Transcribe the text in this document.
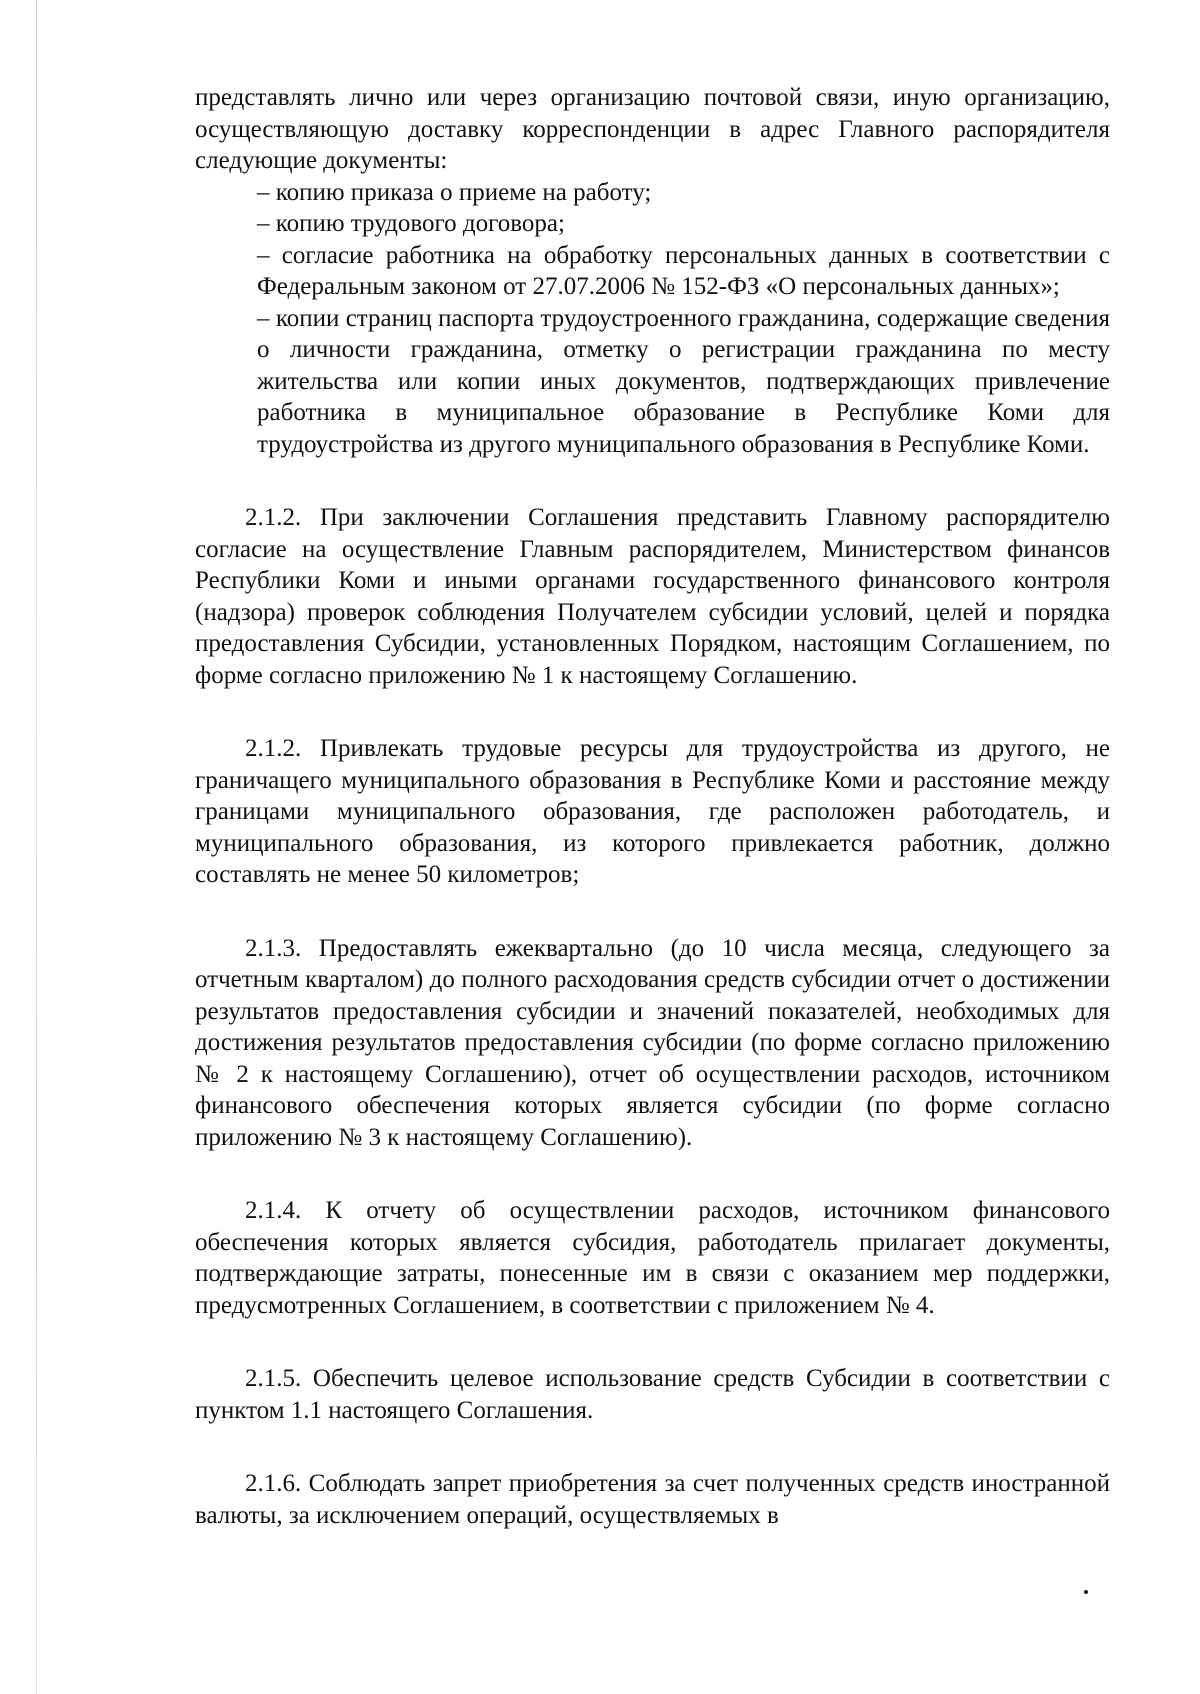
представлять лично или через организацию почтовой связи, иную организацию, осуществляющую доставку корреспонденции в адрес Главного распорядителя следующие документы:

– копию приказа о приеме на работу;

– копию трудового договора;

– согласие работника на обработку персональных данных в соответствии с Федеральным законом от 27.07.2006 № 152-ФЗ «О персональных данных»;

– копии страниц паспорта трудоустроенного гражданина, содержащие сведения о личности гражданина, отметку о регистрации гражданина по месту жительства или копии иных документов, подтверждающих привлечение работника в муниципальное образование в Республике Коми для трудоустройства из другого муниципального образования в Республике Коми.

2.1.2. При заключении Соглашения представить Главному распорядителю согласие на осуществление Главным распорядителем, Министерством финансов Республики Коми и иными органами государственного финансового контроля (надзора) проверок соблюдения Получателем субсидии условий, целей и порядка предоставления Субсидии, установленных Порядком, настоящим Соглашением, по форме согласно приложению № 1 к настоящему Соглашению.

2.1.2. Привлекать трудовые ресурсы для трудоустройства из другого, не граничащего муниципального образования в Республике Коми и расстояние между границами муниципального образования, где расположен работодатель, и муниципального образования, из которого привлекается работник, должно составлять не менее 50 километров;

2.1.3. Предоставлять ежеквартально (до 10 числа месяца, следующего за отчетным кварталом) до полного расходования средств субсидии отчет о достижении результатов предоставления субсидии и значений показателей, необходимых для достижения результатов предоставления субсидии (по форме согласно приложению № 2 к настоящему Соглашению), отчет об осуществлении расходов, источником финансового обеспечения которых является субсидии (по форме согласно приложению № 3 к настоящему Соглашению).

2.1.4. К отчету об осуществлении расходов, источником финансового обеспечения которых является субсидия, работодатель прилагает документы, подтверждающие затраты, понесенные им в связи с оказанием мер поддержки, предусмотренных Соглашением, в соответствии с приложением № 4.

2.1.5. Обеспечить целевое использование средств Субсидии в соответствии с пунктом 1.1 настоящего Соглашения.

2.1.6. Соблюдать запрет приобретения за счет полученных средств иностранной валюты, за исключением операций, осуществляемых в
